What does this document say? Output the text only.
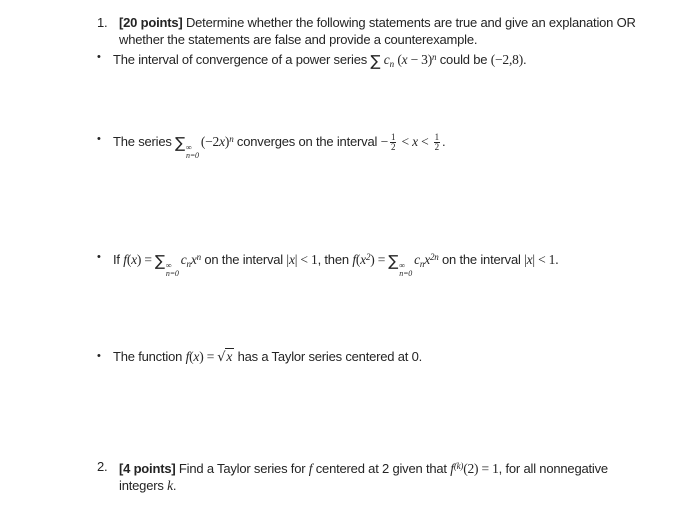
1. [20 points] Determine whether the following statements are true and give an explanation OR
whether the statements are false and provide a counterexample.
• The interval of convergence of a power series ∑ $c_n$ $(x - 3)^n$ could be (−2,8).
• The series ∑ ∞
n=0
$(-2x)^n$ converges on the interval − $\frac{1}{2} < x < \frac{1}{2}$ .
• If f(x) = ∑ ∞
n=0
$c_nx^n$ on the interval |x| < 1, then $f(x^2)$ = ∑ ∞
n=0
$c_nx^{2n}$ on the interval |x| < 1.
• The function f(x) = √x has a Taylor series centered at 0.
2. [4 points] Find a Taylor series for f centered at 2 given that $f^{(k)}(2) = 1$, for all nonnegative
integers k.
